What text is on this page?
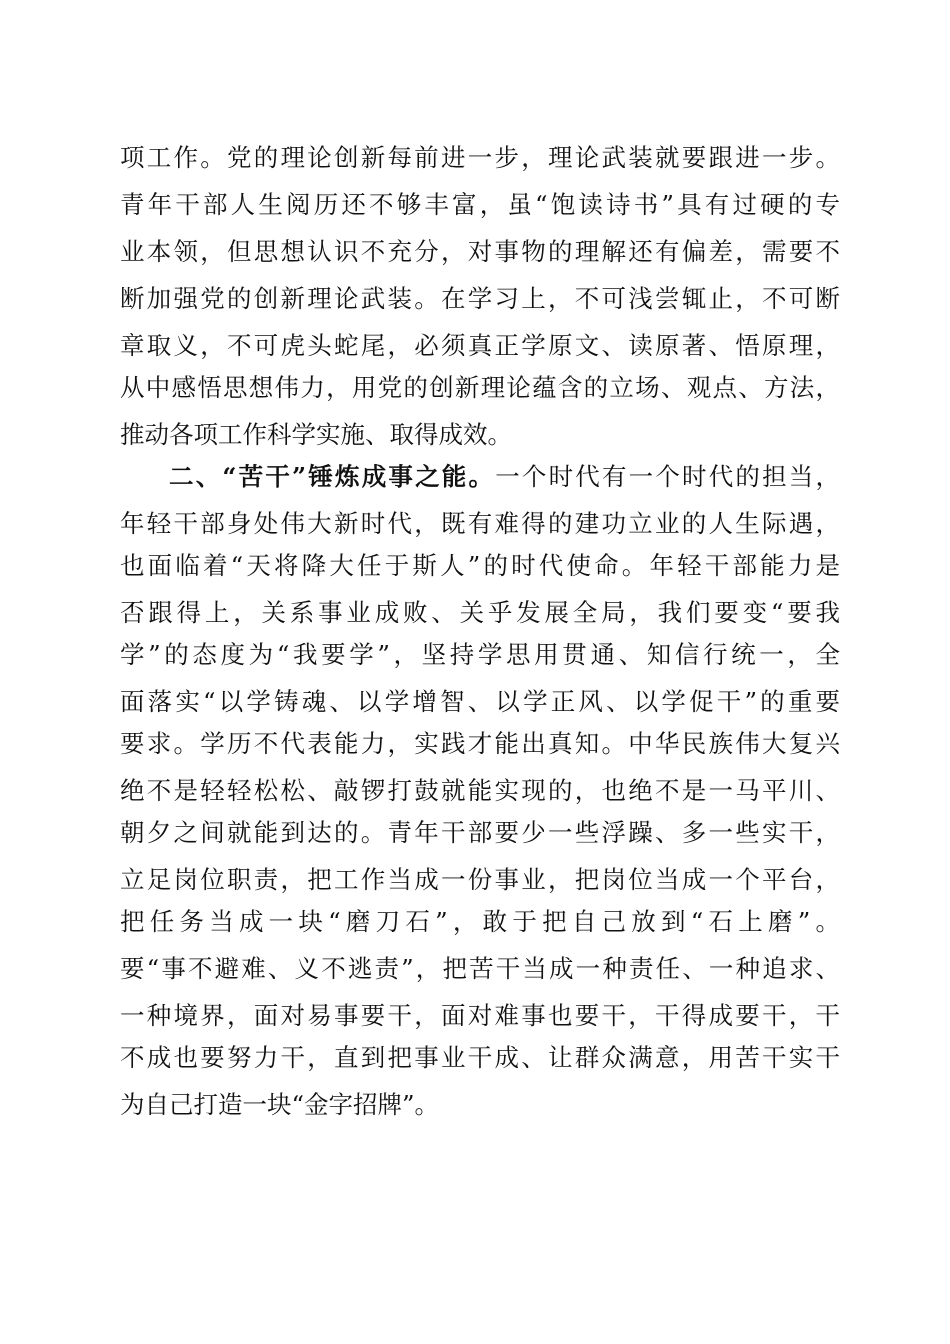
项工作。党的理论创新每前进一步，理论武装就要跟进一步。
青年干部人生阅历还不够丰富，虽“饱读诗书”具有过硬的专
业本领，但思想认识不充分，对事物的理解还有偏差，需要不
断加强党的创新理论武装。在学习上，不可浅尝辄止，不可断
章取义，不可虎头蛇尾，必须真正学原文、读原著、悟原理，
从中感悟思想伟力，用党的创新理论蕴含的立场、观点、方法，
推动各项工作科学实施、取得成效。
二、“苦干”锤炼成事之能。一个时代有一个时代的担当，
年轻干部身处伟大新时代，既有难得的建功立业的人生际遇，
也面临着“天将降大任于斯人”的时代使命。年轻干部能力是
否跟得上，关系事业成败、关乎发展全局，我们要变“要我
学”的态度为“我要学”，坚持学思用贯通、知信行统一，全
面落实“以学铸魂、以学增智、以学正风、以学促干”的重要
要求。学历不代表能力，实践才能出真知。中华民族伟大复兴
绝不是轻轻松松、敲锣打鼓就能实现的，也绝不是一马平川、
朝夕之间就能到达的。青年干部要少一些浮躁、多一些实干，
立足岗位职责，把工作当成一份事业，把岗位当成一个平台，
把任务当成一块“磨刀石”，敢于把自己放到“石上磨”。
要“事不避难、义不逃责”，把苦干当成一种责任、一种追求、
一种境界，面对易事要干，面对难事也要干，干得成要干，干
不成也要努力干，直到把事业干成、让群众满意，用苦干实干
为自己打造一块“金字招牌”。
